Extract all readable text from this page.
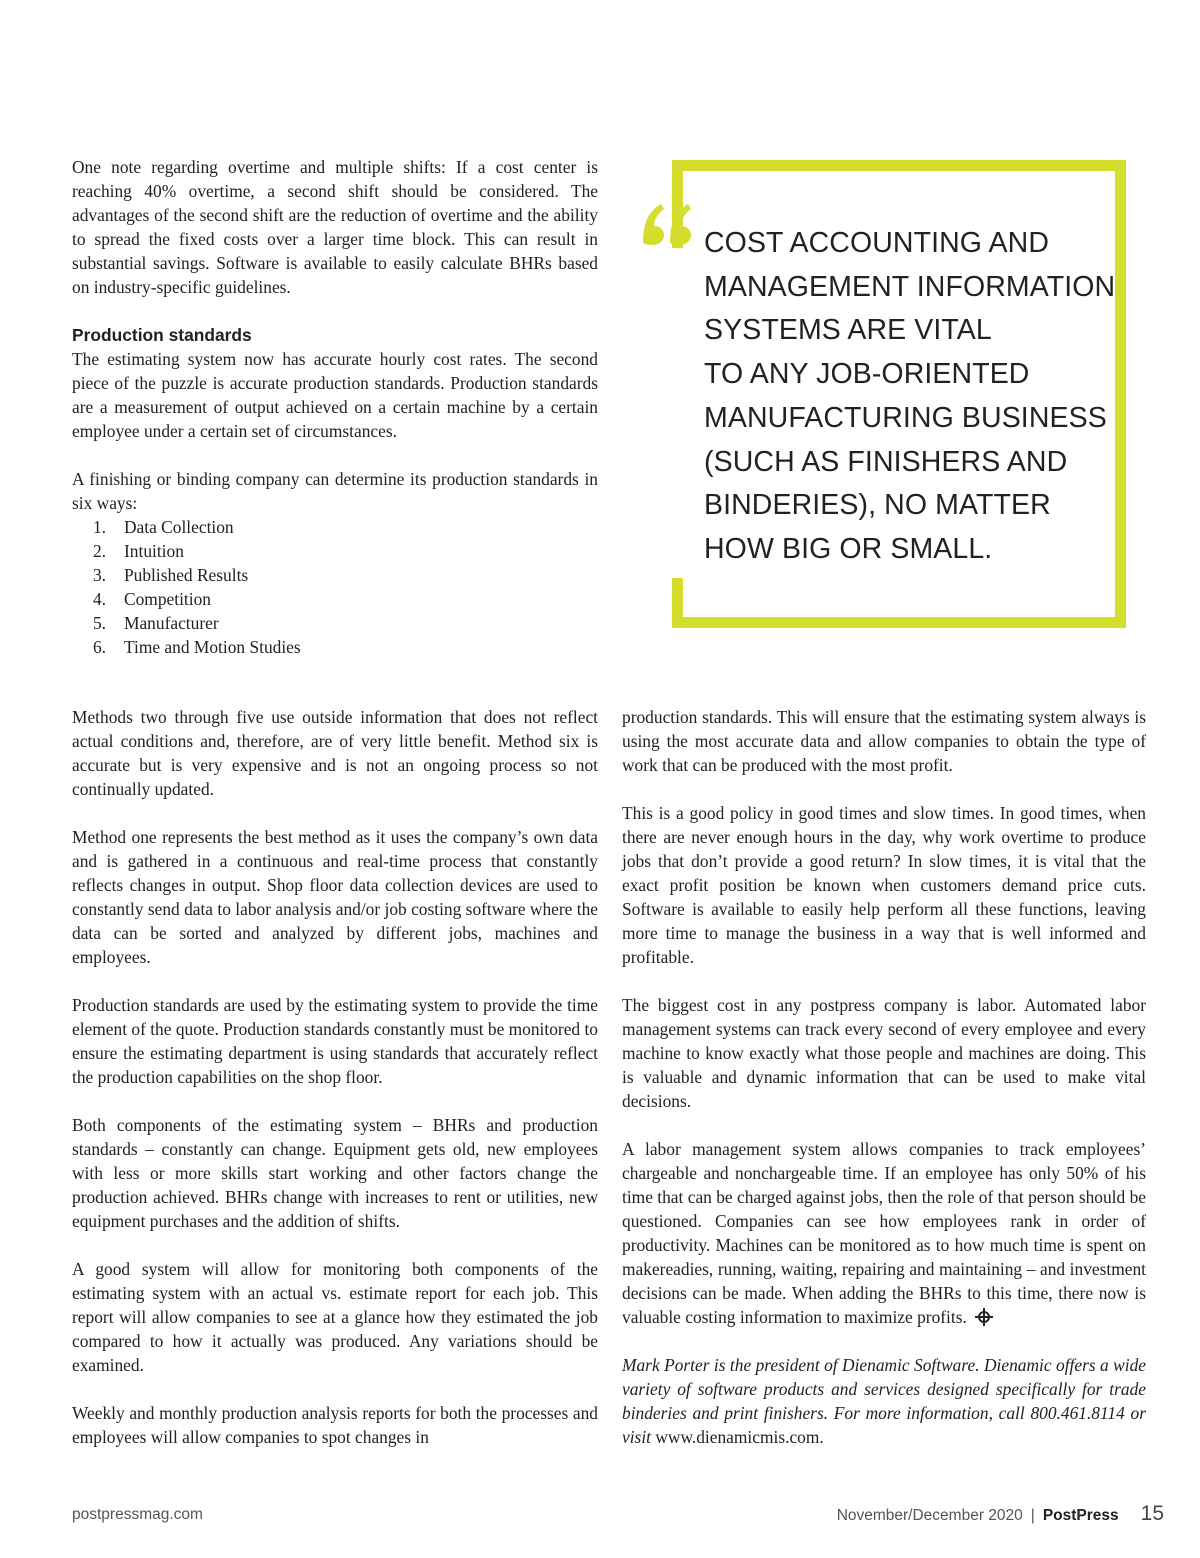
One note regarding overtime and multiple shifts: If a cost center is reaching 40% overtime, a second shift should be considered. The advantages of the second shift are the reduction of overtime and the ability to spread the fixed costs over a larger time block. This can result in substantial savings. Software is available to easily calculate BHRs based on industry-specific guidelines.

Production standards

The estimating system now has accurate hourly cost rates. The second piece of the puzzle is accurate production standards. Production standards are a measurement of output achieved on a certain machine by a certain employee under a certain set of circumstances.

A finishing or binding company can determine its production standards in six ways:

1.	Data Collection
2.	Intuition
3.	Published Results
4.	Competition
5.	Manufacturer
6.	Time and Motion Studies
COST ACCOUNTING AND
MANAGEMENT INFORMATION
SYSTEMS ARE VITAL
TO ANY JOB-ORIENTED
MANUFACTURING BUSINESS
(SUCH AS FINISHERS AND
BINDERIES), NO MATTER
HOW BIG OR SMALL.

Methods two through five use outside information that does not reflect actual conditions and, therefore, are of very little benefit. Method six is accurate but is very expensive and is not an ongoing process so not continually updated.

Method one represents the best method as it uses the company’s own data and is gathered in a continuous and real-time process that constantly reflects changes in output. Shop floor data collection devices are used to constantly send data to labor analysis and/or job costing software where the data can be sorted and analyzed by different jobs, machines and employees.

Production standards are used by the estimating system to provide the time element of the quote. Production standards constantly must be monitored to ensure the estimating department is using standards that accurately reflect the production capabilities on the shop floor.

Both components of the estimating system – BHRs and production standards – constantly can change. Equipment gets old, new employees with less or more skills start working and other factors change the production achieved. BHRs change with increases to rent or utilities, new equipment purchases and the addition of shifts.

A good system will allow for monitoring both components of the estimating system with an actual vs. estimate report for each job. This report will allow companies to see at a glance how they estimated the job compared to how it actually was produced. Any variations should be examined.

Weekly and monthly production analysis reports for both the processes and employees will allow companies to spot changes in

production standards. This will ensure that the estimating system always is using the most accurate data and allow companies to obtain the type of work that can be produced with the most profit.

This is a good policy in good times and slow times. In good times, when there are never enough hours in the day, why work overtime to produce jobs that don’t provide a good return? In slow times, it is vital that the exact profit position be known when customers demand price cuts. Software is available to easily help perform all these functions, leaving more time to manage the business in a way that is well informed and profitable.

The biggest cost in any postpress company is labor. Automated labor management systems can track every second of every employee and every machine to know exactly what those people and machines are doing. This is valuable and dynamic information that can be used to make vital decisions.

A labor management system allows companies to track employees’ chargeable and nonchargeable time. If an employee has only 50% of his time that can be charged against jobs, then the role of that person should be questioned. Companies can see how employees rank in order of productivity. Machines can be monitored as to how much time is spent on makereadies, running, waiting, repairing and maintaining – and investment decisions can be made. When adding the BHRs to this time, there now is valuable costing information to maximize profits.

Mark Porter is the president of Dienamic Software. Dienamic offers a wide variety of software products and services designed specifically for trade binderies and print finishers. For more information, call 800.461.8114 or visit www.dienamicmis.com.

postpressmag.com	November/December 2020 | PostPress 15
